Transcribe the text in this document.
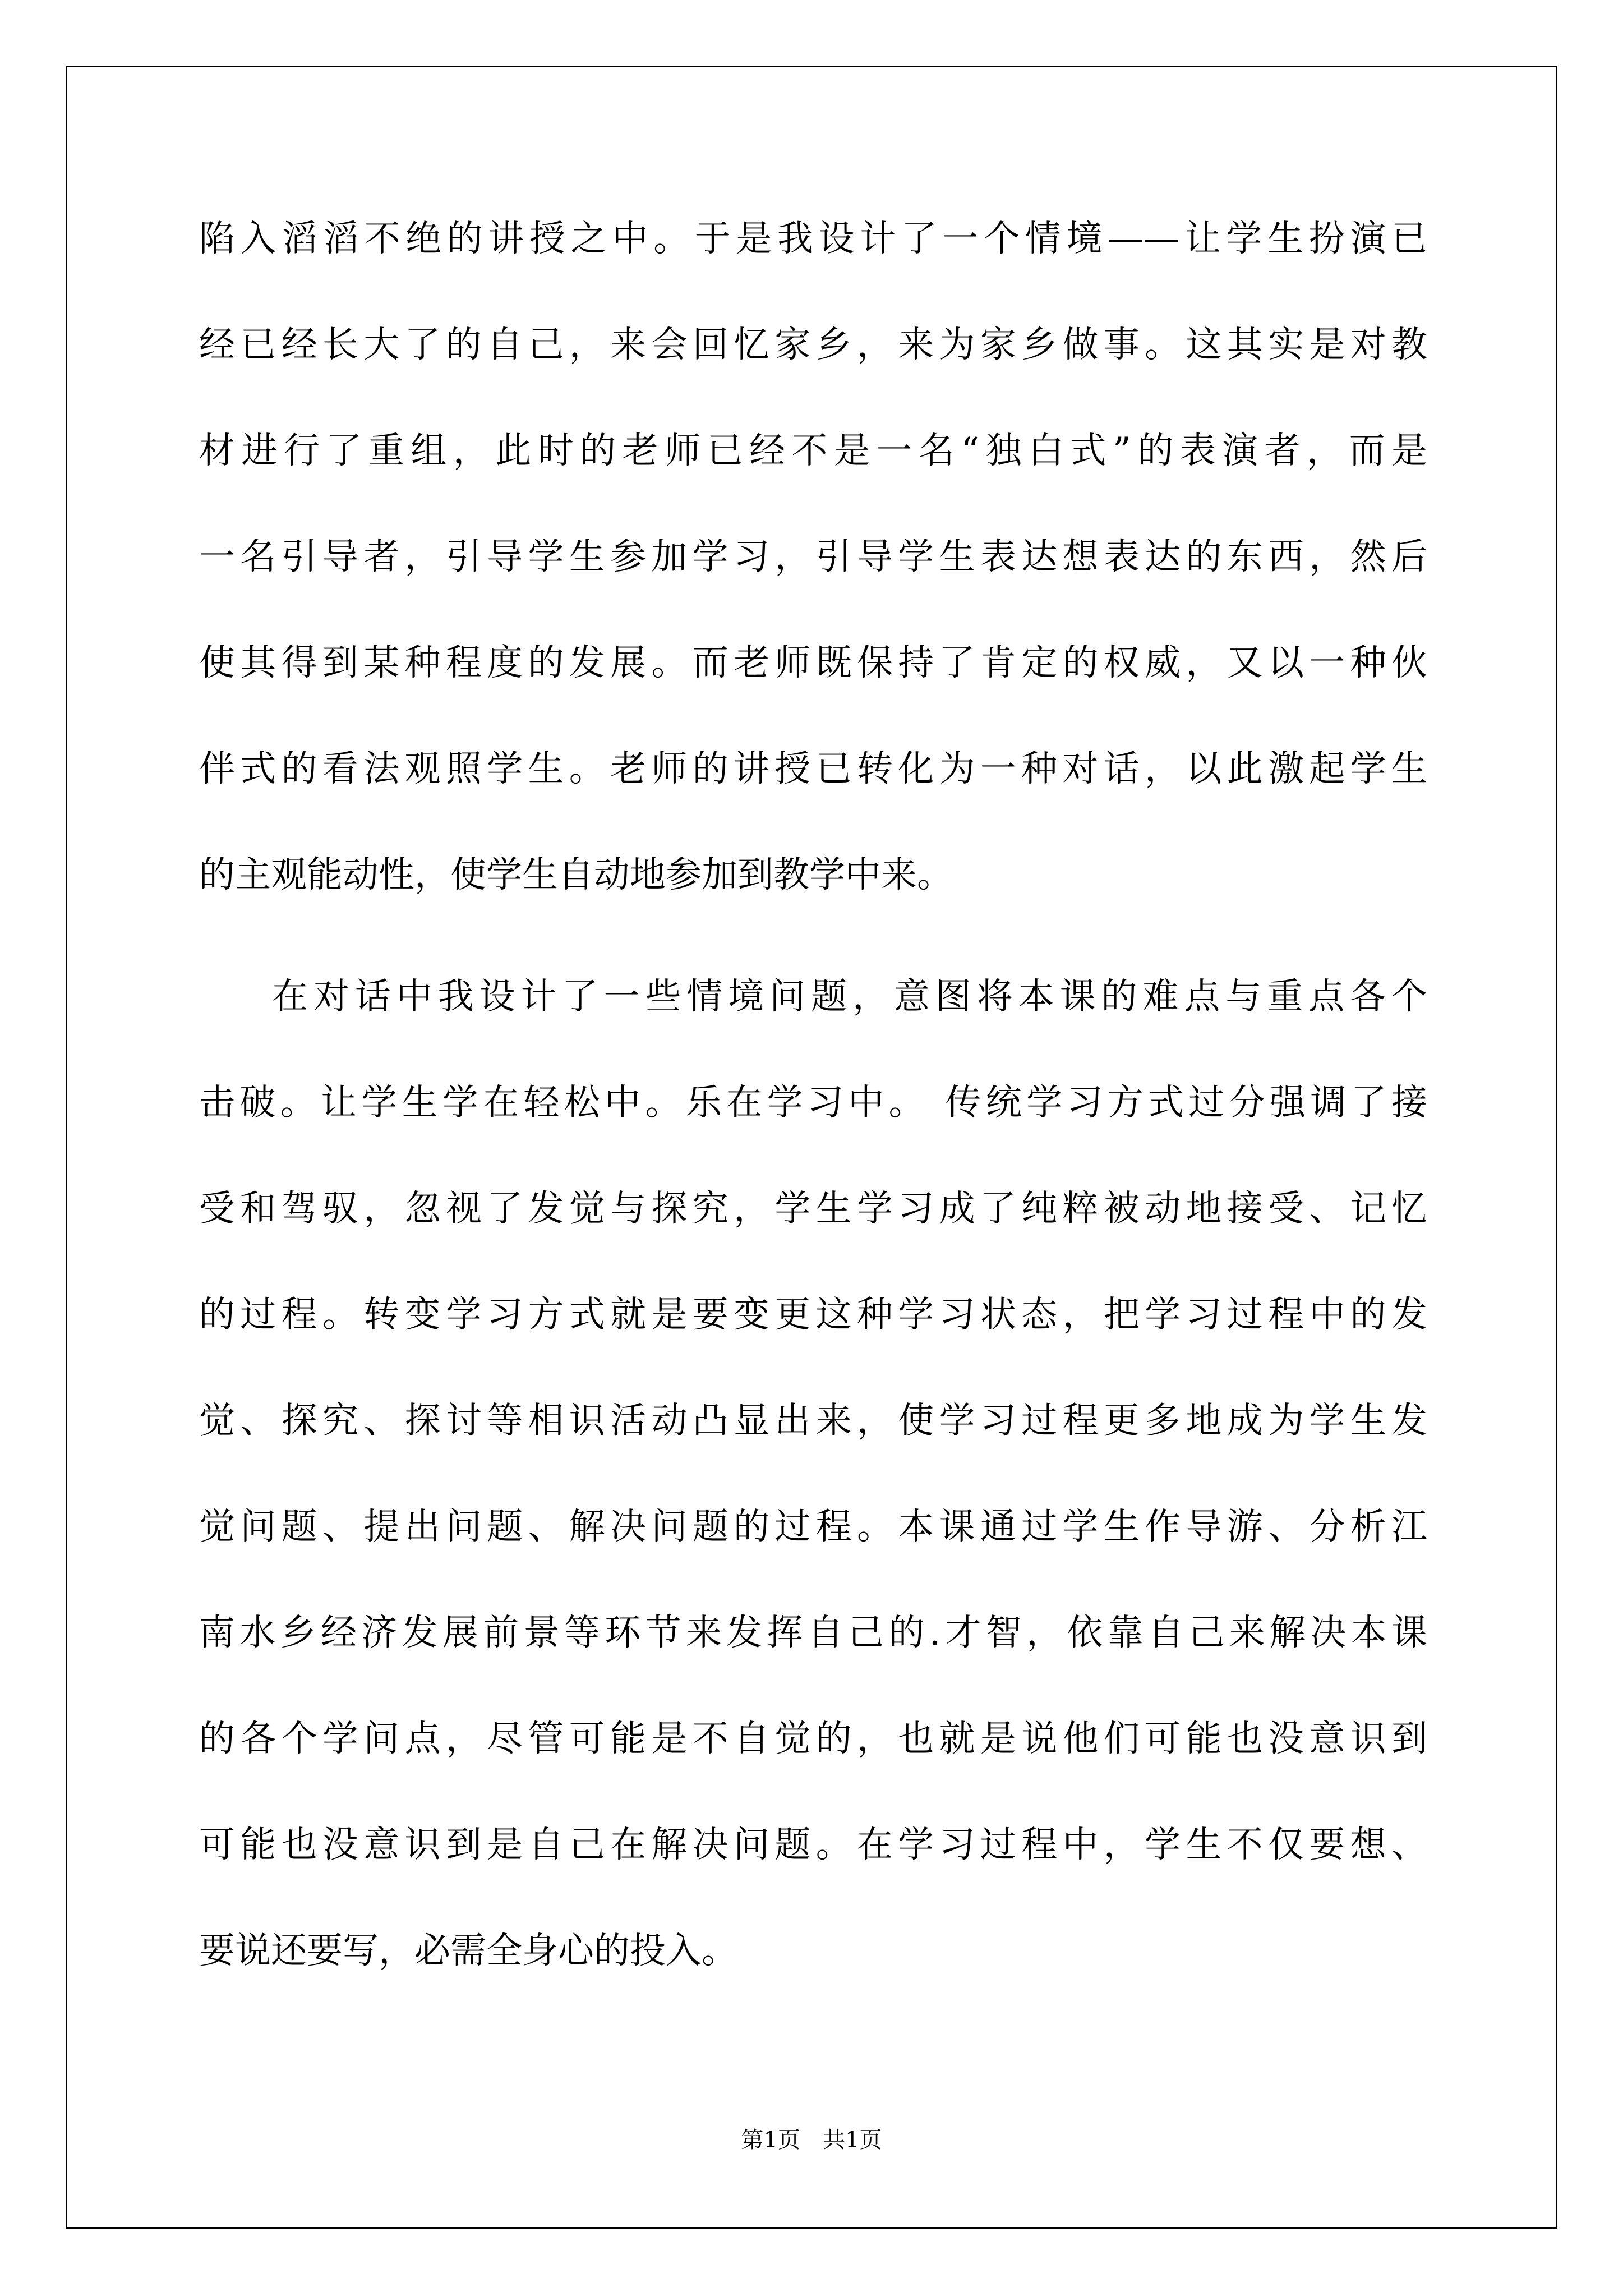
陷入滔滔不绝的讲授之中。于是我设计了一个情境——让学生扮演已

经已经长大了的自己，来会回忆家乡，来为家乡做事。这其实是对教

材进行了重组，此时的老师已经不是一名“独白式”的表演者，而是

一名引导者，引导学生参加学习，引导学生表达想表达的东西，然后

使其得到某种程度的发展。而老师既保持了肯定的权威，又以一种伙

伴式的看法观照学生。老师的讲授已转化为一种对话，以此激起学生

的主观能动性，使学生自动地参加到教学中来。

在对话中我设计了一些情境问题，意图将本课的难点与重点各个

击破。让学生学在轻松中。乐在学习中。 传统学习方式过分强调了接

受和驾驭，忽视了发觉与探究，学生学习成了纯粹被动地接受、记忆

的过程。转变学习方式就是要变更这种学习状态，把学习过程中的发

觉、探究、探讨等相识活动凸显出来，使学习过程更多地成为学生发

觉问题、提出问题、解决问题的过程。本课通过学生作导游、分析江

南水乡经济发展前景等环节来发挥自己的.才智，依靠自己来解决本课

的各个学问点，尽管可能是不自觉的，也就是说他们可能也没意识到

可能也没意识到是自己在解决问题。在学习过程中，学生不仅要想、

要说还要写，必需全身心的投入。

第1页　共1页
